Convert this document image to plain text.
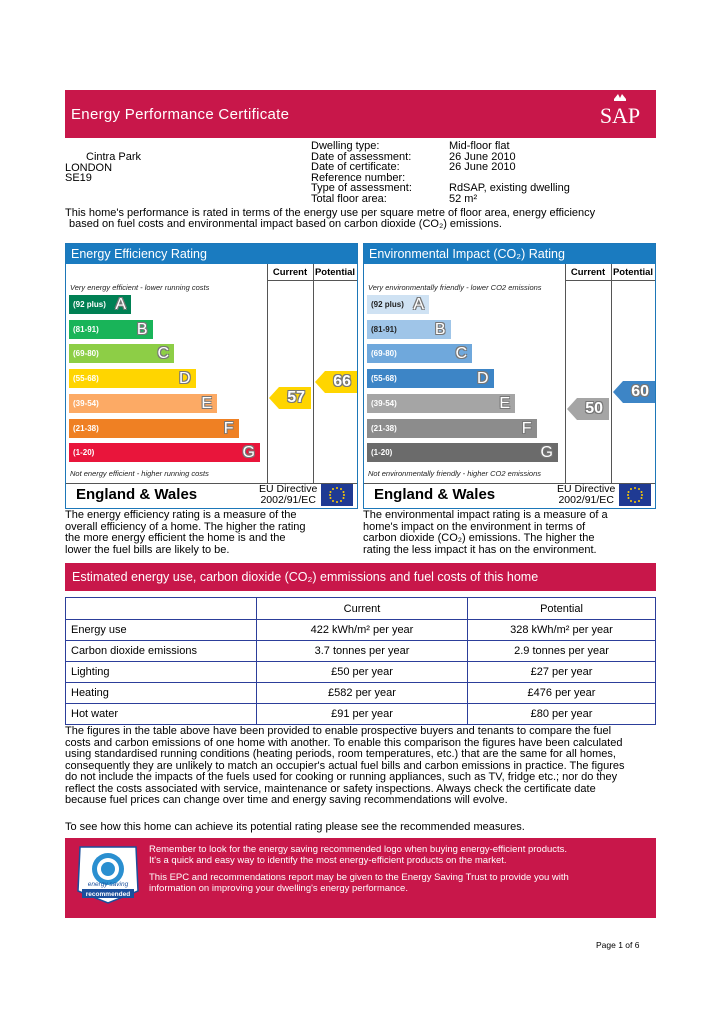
Energy Performance Certificate	SAP
Cintra Park
LONDON
SE19
Dwelling type:	Mid-floor flat
Date of assessment:	26 June 2010
Date of certificate:	26 June 2010
Reference number:
Type of assessment:	RdSAP, existing dwelling
Total floor area:	52 m²
This home's performance is rated in terms of the energy use per square metre of floor area, energy efficiency
based on fuel costs and environmental impact based on carbon dioxide (CO₂) emissions.
Energy Efficiency Rating
Current Potential
Very energy efficient - lower running costs
(92 plus) A
(81-91) B
(69-80)	C
(55-68)	D
(39-54)	E
(21-38)	F
(1-20)	G
Not energy efficient - higher running costs
57
66
England & Wales	EU Directive
2002/91/EC
Environmental Impact (CO₂) Rating
Current Potential
Very environmentally friendly - lower CO2 emissions
(92 plus) A
(81-91) B
(69-80)	C
(55-68)	D
(39-54)	E
(21-38)	F
(1-20)	G
Not environmentally friendly - higher CO2 emissions
50
60
England & Wales	EU Directive
2002/91/EC
The energy efficiency rating is a measure of the
overall efficiency of a home. The higher the rating
the more energy efficient the home is and the
lower the fuel bills are likely to be.
The environmental impact rating is a measure of a
home's impact on the environment in terms of
carbon dioxide (CO₂) emissions. The higher the
rating the less impact it has on the environment.
Estimated energy use, carbon dioxide (CO₂) emmissions and fuel costs of this home
	Current	Potential
Energy use	422 kWh/m² per year	328 kWh/m² per year
Carbon dioxide emissions	3.7 tonnes per year	2.9 tonnes per year
Lighting	£50 per year	£27 per year
Heating	£582 per year	£476 per year
Hot water	£91 per year	£80 per year
The figures in the table above have been provided to enable prospective buyers and tenants to compare the fuel
costs and carbon emissions of one home with another. To enable this comparison the figures have been calculated
using standardised running conditions (heating periods, room temperatures, etc.) that are the same for all homes,
consequently they are unlikely to match an occupier's actual fuel bills and carbon emissions in practice. The figures
do not include the impacts of the fuels used for cooking or running appliances, such as TV, fridge etc.; nor do they
reflect the costs associated with service, maintenance or safety inspections. Always check the certificate date
because fuel prices can change over time and energy saving recommendations will evolve.
To see how this home can achieve its potential rating please see the recommended measures.
energy saving
recommended
Remember to look for the energy saving recommended logo when buying energy-efficient products.
It's a quick and easy way to identify the most energy-efficient products on the market.
This EPC and recommendations report may be given to the Energy Saving Trust to provide you with
information on improving your dwelling's energy performance.
Page 1 of 6
